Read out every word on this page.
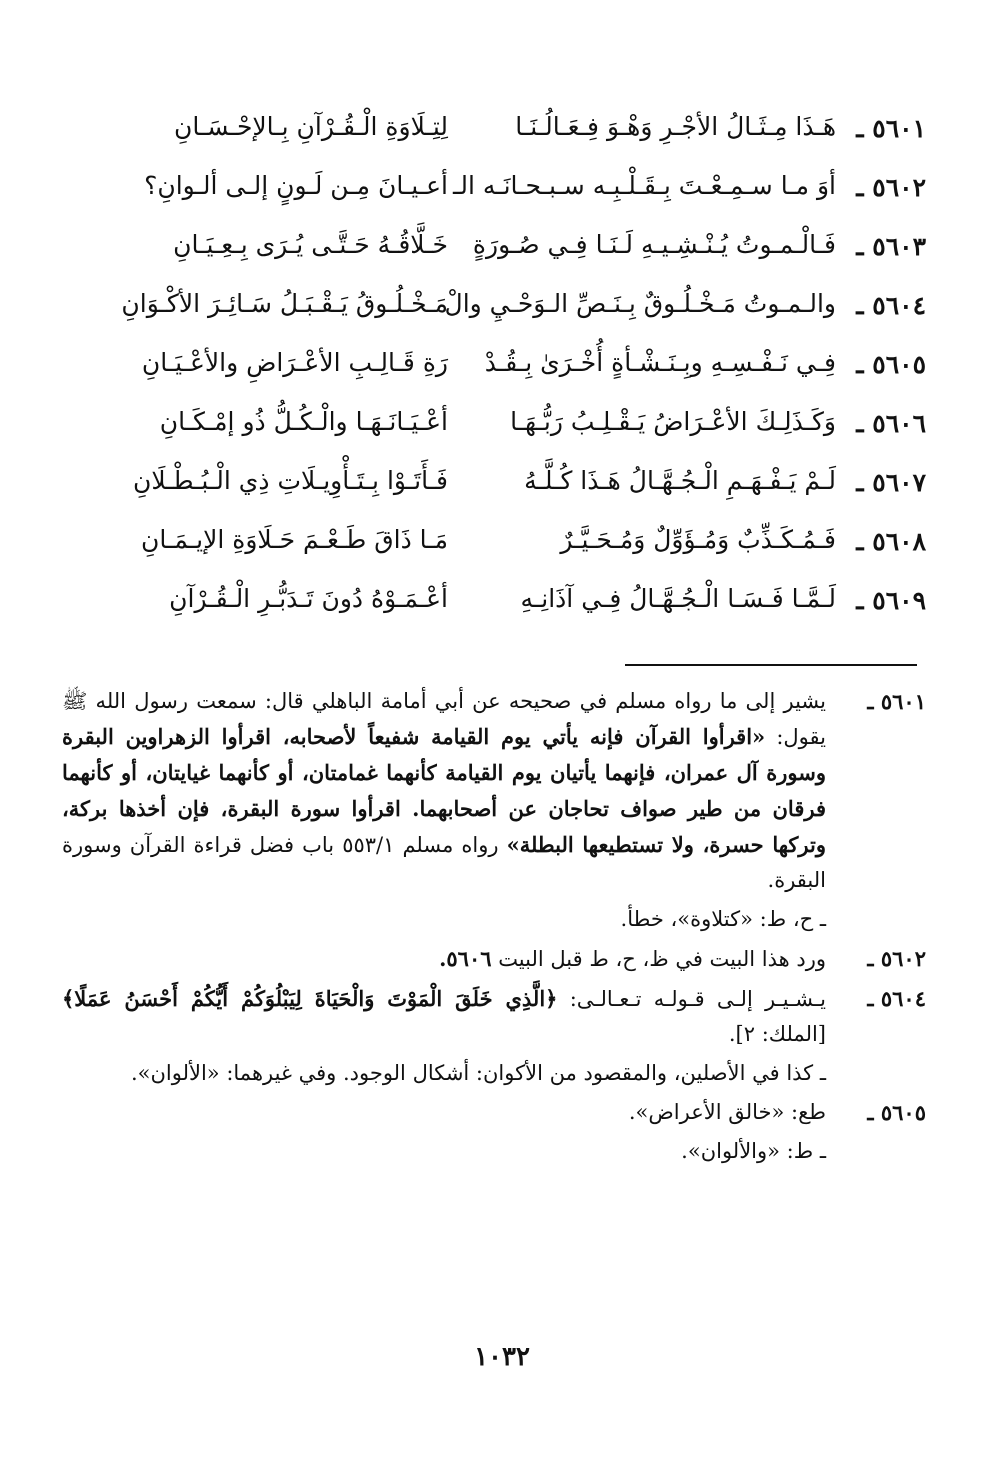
٥٦٠١ ـ
هَـذَا مِـثَـالُ الأجْـرِ وَهْـوَ فِـعَـالُـنَـا
لِتِـلَاوَةِ الْـقُـرْآنِ بِـالإحْـسَـانِ
٥٦٠٢ ـ
أوَ مـا سـمِـعْـتَ بِـقَـلْـبِـه سـبـحـانَـه الـ
أعـيـانَ مِـن لَـونٍ إلـى ألـوانِ؟
٥٦٠٣ ـ
فَـالْـمـوتُ يُـنْـشِـيـهِ لَـنَـا فِـي صُـورَةٍ
خَـلَّاقُـهُ حَـتَّـى يُـرَى بِـعِـيَـانِ
٥٦٠٤ ـ
والـمـوتُ مَـخْـلُـوقٌ بِـنَـصِّ الـوَحْـيِ والْ
مَـخْـلُـوقُ يَـقْـبَـلُ سَـائِـرَ الأكْـوَانِ
٥٦٠٥ ـ
فِـي نَـفْـسِـهِ وبِـنَـشْـأةٍ أُخْـرَىٰ بِـقُـدْ
رَةِ قَـالِـبِ الأعْـرَاضِ والأعْـيَـانِ
٥٦٠٦ ـ
وَكَـذَلِـكَ الأعْـرَاضُ يَـقْـلِـبُ رَبُّـهَـا
أعْـيَـانَـهَـا والْـكُـلُّ ذُو إمْـكَـانِ
٥٦٠٧ ـ
لَـمْ يَـفْـهَـمِ الْـجُـهَّـالُ هَـذَا كُـلَّـهُ
فَـأَتَـوْا بِـتَـأْوِيـلَاتِ ذِي الْـبُـطْـلَانِ
٥٦٠٨ ـ
فَـمُـكَـذِّبٌ وَمُـؤَوِّلٌ وَمُـحَـيَّـرٌ
مَـا ذَاقَ طَـعْـمَ حَـلَاوَةِ الإيـمَـانِ
٥٦٠٩ ـ
لَـمَّـا فَـسَـا الْـجُـهَّـالُ فِـي آذَانِـهِ
أعْـمَـوْهُ دُونَ تَـدَبُّـرِ الْـقُـرْآنِ
٥٦٠١ ـ
يشير إلى ما رواه مسلم في صحيحه عن أبي أمامة الباهلي قال: سمعت رسول الله ﷺ يقول: «اقرأوا القرآن فإنه يأتي يوم القيامة شفيعاً لأصحابه، اقرأوا الزهراوين البقرة وسورة آل عمران، فإنهما يأتيان يوم القيامة كأنهما غمامتان، أو كأنهما غيايتان، أو كأنهما فرقان من طير صواف تحاجان عن أصحابهما. اقرأوا سورة البقرة، فإن أخذها بركة، وتركها حسرة، ولا تستطيعها البطلة» رواه مسلم ٥٥٣/١ باب فضل قراءة القرآن وسورة البقرة.
ـ ح، ط: «كتلاوة»، خطأ.
٥٦٠٢ ـ
ورد هذا البيت في ظ، ح، ط قبل البيت ٥٦٠٦.
٥٦٠٤ ـ
يـشـيـر إلـى قـولـه تـعـالـى: ﴿الَّذِي خَلَقَ الْمَوْتَ وَالْحَيَاةَ لِيَبْلُوَكُمْ أَيُّكُمْ أَحْسَنُ عَمَلًا﴾ [الملك: ٢].
ـ كذا في الأصلين، والمقصود من الأكوان: أشكال الوجود. وفي غيرهما: «الألوان».
٥٦٠٥ ـ
طع: «خالق الأعراض».
ـ ط: «والألوان».
١٠٣٢
